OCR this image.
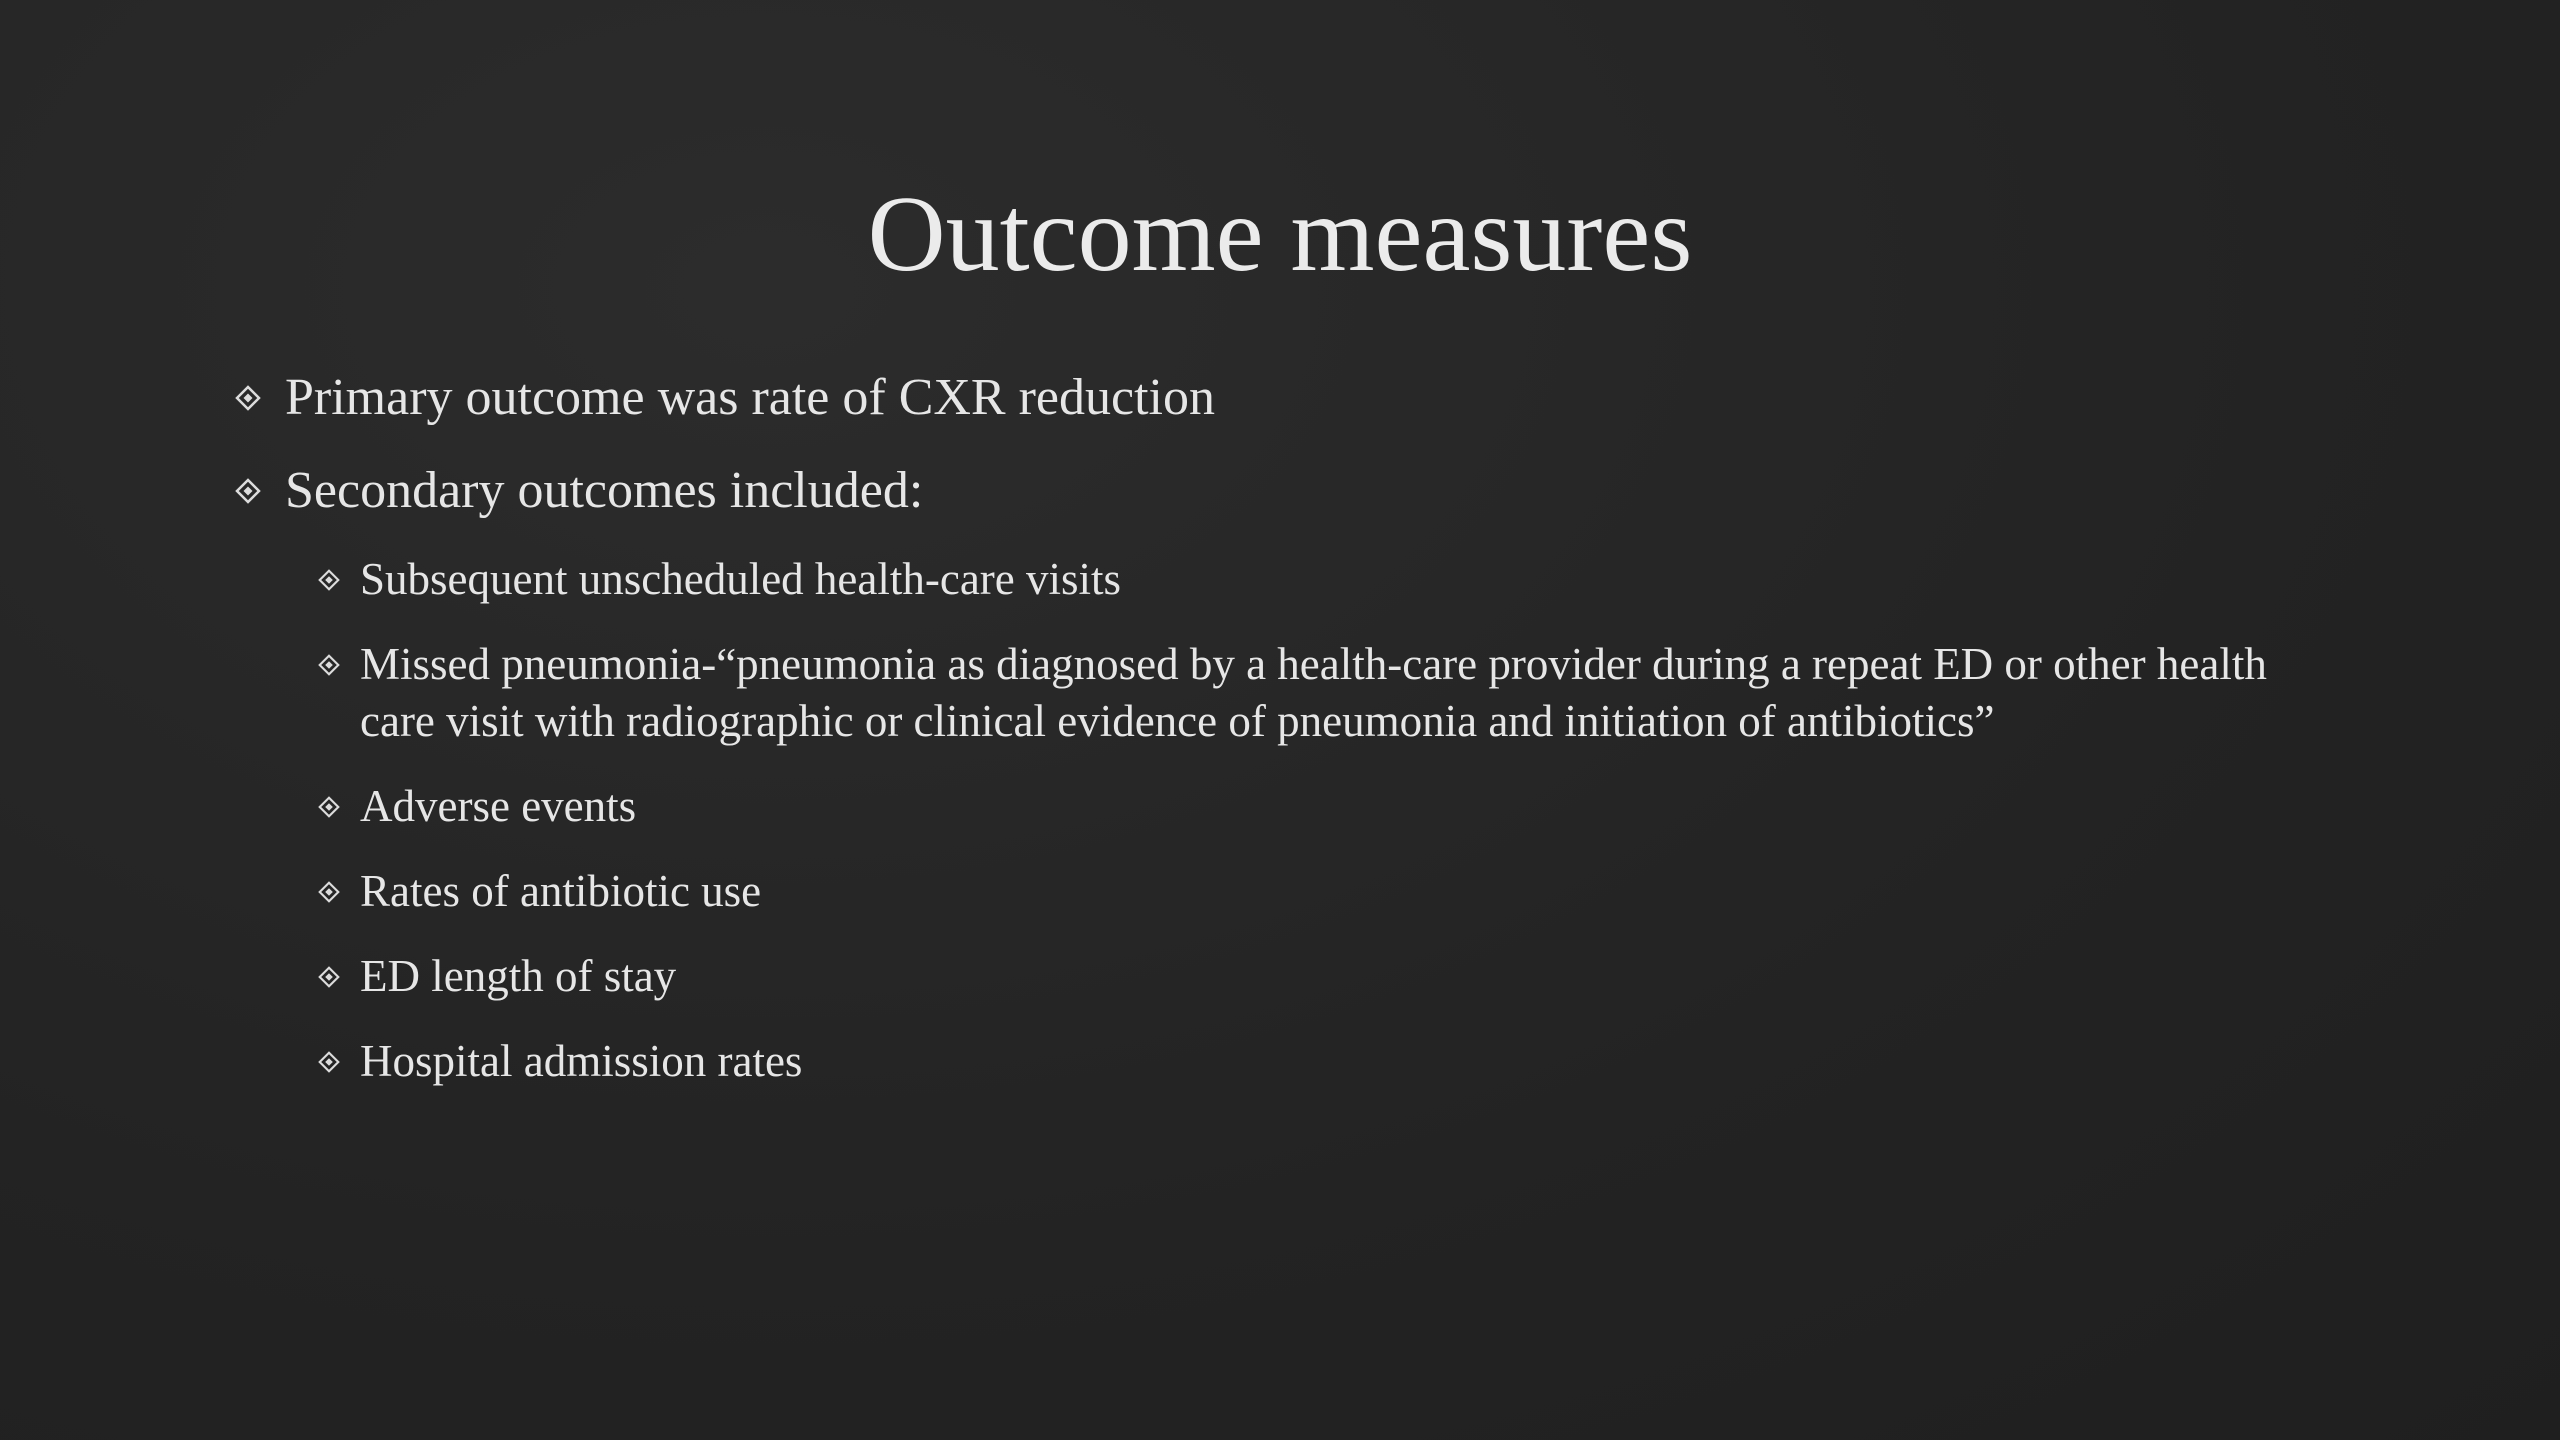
Outcome measures
Primary outcome was rate of CXR reduction
Secondary outcomes included:
Subsequent unscheduled health-care visits
Missed pneumonia-“pneumonia as diagnosed by a health-care provider during a repeat ED or other health care visit with radiographic or clinical evidence of pneumonia and initiation of antibiotics”
Adverse events
Rates of antibiotic use
ED length of stay
Hospital admission rates
